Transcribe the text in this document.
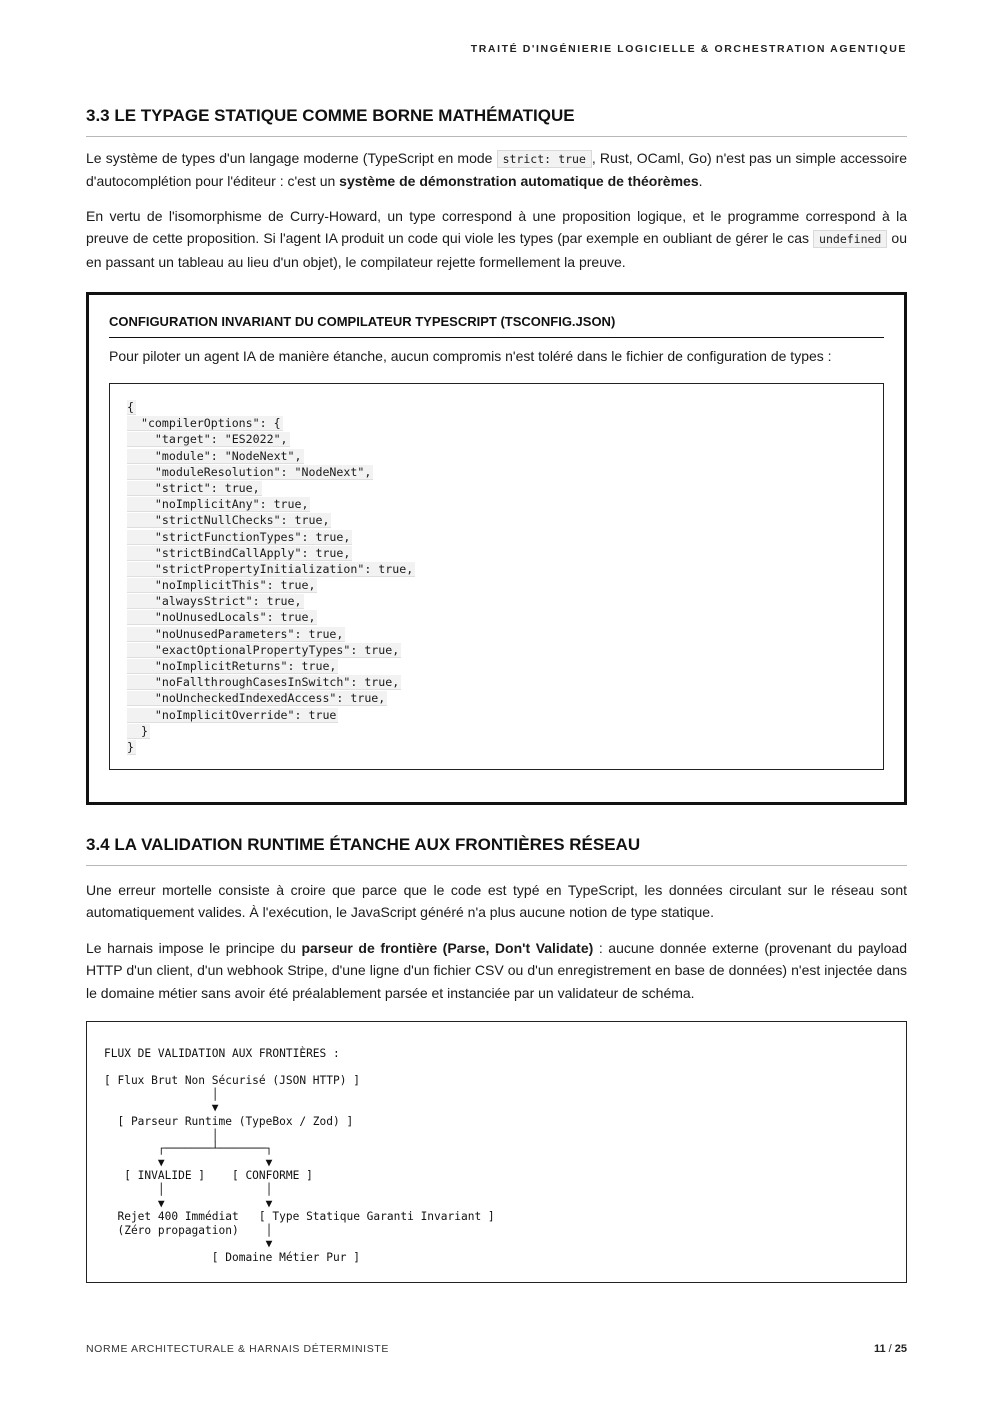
TRAITÉ D'INGÉNIERIE LOGICIELLE & ORCHESTRATION AGENTIQUE
3.3 LE TYPAGE STATIQUE COMME BORNE MATHÉMATIQUE

Le système de types d'un langage moderne (TypeScript en mode strict: true , Rust, OCaml, Go) n'est pas un simple accessoire d'autocomplétion pour l'éditeur : c'est un système de démonstration automatique de théorèmes.

En vertu de l'isomorphisme de Curry-Howard, un type correspond à une proposition logique, et le programme correspond à la preuve de cette proposition. Si l'agent IA produit un code qui viole les types (par exemple en oubliant de gérer le cas undefined ou en passant un tableau au lieu d'un objet), le compilateur rejette formellement la preuve.

CONFIGURATION INVARIANT DU COMPILATEUR TYPESCRIPT (TSCONFIG.JSON)
Pour piloter un agent IA de manière étanche, aucun compromis n'est toléré dans le fichier de configuration de types :
{
"compilerOptions": {
"target": "ES2022",
"module": "NodeNext",
"moduleResolution": "NodeNext",
"strict": true,
"noImplicitAny": true,
"strictNullChecks": true,
"strictFunctionTypes": true,
"strictBindCallApply": true,
"strictPropertyInitialization": true,
"noImplicitThis": true,
"alwaysStrict": true,
"noUnusedLocals": true,
"noUnusedParameters": true,
"exactOptionalPropertyTypes": true,
"noImplicitReturns": true,
"noFallthroughCasesInSwitch": true,
"noUncheckedIndexedAccess": true,
"noImplicitOverride": true
}
}
3.4 LA VALIDATION RUNTIME ÉTANCHE AUX FRONTIÈRES RÉSEAU

Une erreur mortelle consiste à croire que parce que le code est typé en TypeScript, les données circulant sur le réseau sont automatiquement valides. À l'exécution, le JavaScript généré n'a plus aucune notion de type statique.

Le harnais impose le principe du parseur de frontière (Parse, Don't Validate) : aucune donnée externe (provenant du payload HTTP d'un client, d'un webhook Stripe, d'une ligne d'un fichier CSV ou d'un enregistrement en base de données) n'est injectée dans le domaine métier sans avoir été préalablement parsée et instanciée par un validateur de schéma.

FLUX DE VALIDATION AUX FRONTIÈRES :

[ Flux Brut Non Sécurisé (JSON HTTP) ]
│
▼
[ Parseur Runtime (TypeBox / Zod) ]
│
┌───────┴───────┐
▼               ▼
[ INVALIDE ]    [ CONFORME ]
│               │
▼               ▼
Rejet 400 Immédiat   [ Type Statique Garanti Invariant ]
(Zéro propagation)    │
▼
[ Domaine Métier Pur ]
NORME ARCHITECTURALE & HARNAIS DÉTERMINISTE	11 / 25
